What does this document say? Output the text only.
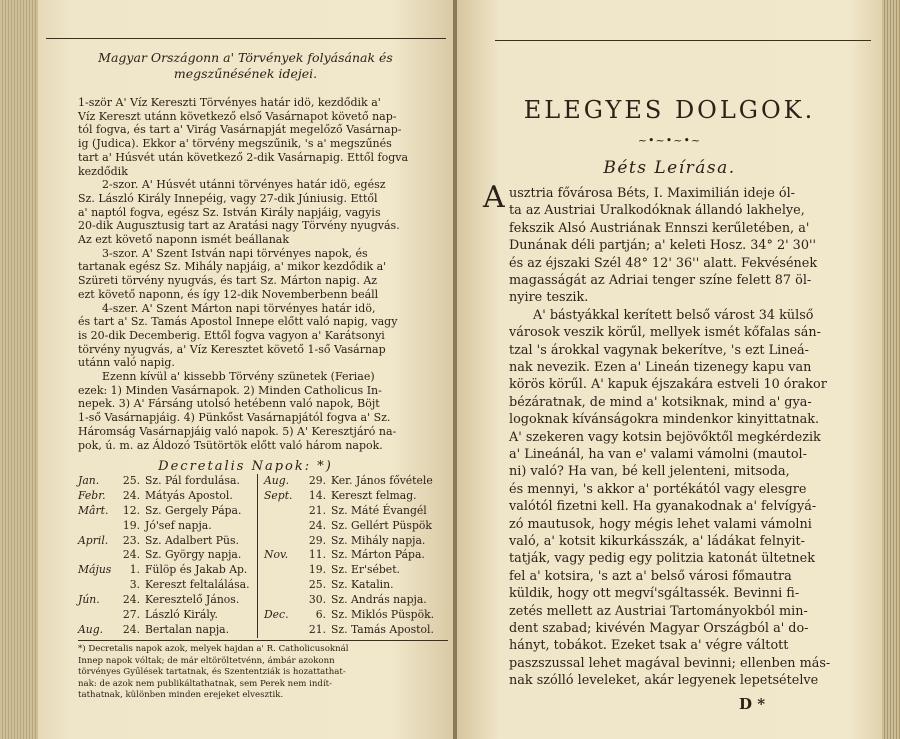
Magyar Országonn a' Törvények folyásának és
megszűnésének idejei.
1-ször A' Víz Kereszti Törvényes határ idö, kezdődik a'
Víz Kereszt utánn következő első Vasárnapot követő nap-
tól fogva, és tart a' Virág Vasárnapját megelőző Vasárnap-
ig (Judica). Ekkor a' törvény megszűnik, 's a' megszűnés
tart a' Húsvét után következő 2-dik Vasárnapig. Ettől fogva
kezdődik
2-szor. A' Húsvét utánni törvényes határ idö, egész
Sz. László Király Innepéig, vagy 27-dik Júniusig. Ettől
a' naptól fogva, egész Sz. István Király napjáig, vagyis
20-dik Augusztusig tart az Aratási nagy Törvény nyugvás.
Az ezt követő naponn ismét beállanak
3-szor. A' Szent István napi törvényes napok, és
tartanak egész Sz. Mihály napjáig, a' mikor kezdődik a'
Szüreti törvény nyugvás, és tart Sz. Márton napig. Az
ezt követő naponn, és így 12-dik Novemberbenn beáll
4-szer. A' Szent Márton napi törvényes határ idö,
és tart a' Sz. Tamás Apostol Innepe előtt való napig, vagy
is 20-dik Decemberig. Ettől fogva vagyon a' Karátsonyi
törvény nyugvás, a' Víz Keresztet követő 1-ső Vasárnap
utánn való napig.
Ezenn kívül a' kissebb Törvény szünetek (Feriae)
ezek: 1) Minden Vasárnapok. 2) Minden Catholicus In-
nepek. 3) A' Fársáng utolsó hetébenn való napok, Böjt
1-ső Vasárnapjáig. 4) Pünkőst Vasárnapjától fogva a' Sz.
Háromság Vasárnapjáig való napok. 5) A' Keresztjáró na-
pok, ú. m. az Áldozó Tsütörtök előtt való három napok.
Decretalis Napok: *)
Jan. 25. Sz. Pál fordulása.
Febr. 24. Mátyás Apostol.
Mârt. 12. Sz. Gergely Pápa.
19. Jó'sef napja.
April. 23. Sz. Adalbert Püs.
24. Sz. György napja.
Május 1. Fülöp és Jakab Ap.
3. Kereszt feltalálása.
Jún. 24. Keresztelő János.
27. László Király.
Aug. 24. Bertalan napja.
Aug. 29. Ker. János fővétele
Sept. 14. Kereszt felmag.
21. Sz. Máté Évangél
24. Sz. Gellért Püspök
29. Sz. Mihály napja.
Nov. 11. Sz. Márton Pápa.
19. Sz. Er'sébet.
25. Sz. Katalin.
30. Sz. András napja.
Dec.	6. Sz. Miklós Püspök.
21. Sz. Tamás Apostol.
*) Decretalis napok azok, melyek hajdan a' R. Catholicusoknál
Innep napok vóltak; de már eltöröltetvénn, ámbár azokonn
törvényes Gyűlések tartatnak, és Szententziák is hozattathat-
nak: de azok nem publikáltathatnak, sem Perek nem indít-
tathatnak, különben minden erejeket elvesztik.
ELEGYES DOLGOK.
~•~•~•~
Béts Leírása.
A usztria fővárosa Béts, I. Maximilián ideje ól-
ta az Austriai Uralkodóknak állandó lakhelye,
fekszik Alsó Austriának Ennszi kerűletében, a'
Dunának déli partján; a' keleti Hosz. 34° 2' 30''
és az éjszaki Szél 48° 12' 36'' alatt. Fekvésének
magasságát az Adriai tenger színe felett 87 öl-
nyire teszik.
A' bástyákkal kerített belső várost 34 külső
városok veszik körűl, mellyek ismét kőfalas sán-
tzal 's árokkal vagynak bekerítve, 's ezt Lineá-
nak nevezik. Ezen a' Lineán tizenegy kapu van
körös körűl. A' kapuk éjszakára estveli 10 órakor
bézáratnak, de mind a' kotsiknak, mind a' gya-
logoknak kívánságokra mindenkor kinyittatnak.
A' szekeren vagy kotsin bejövőktől megkérdezik
a' Lineánál, ha van e' valami vámolni (mautol-
ni) való? Ha van, bé kell jelenteni, mitsoda,
és mennyi, 's akkor a' portékától vagy elesgre
valótól fizetni kell. Ha gyanakodnak a' felvígyá-
zó mautusok, hogy mégis lehet valami vámolni
való, a' kotsit kikurkásszák, a' ládákat felnyit-
tatják, vagy pedig egy politzia katonát ültetnek
fel a' kotsira, 's azt a' belső városi főmautra
küldik, hogy ott megví'sgáltassék. Bevinni fi-
zetés mellett az Austriai Tartományokból min-
dent szabad; kivévén Magyar Országból a' do-
hányt, tobákot. Ezeket tsak a' végre váltott
paszszussal lehet magával bevinni; ellenben más-
nak szólló leveleket, akár legyenek lepetsételve
D *
